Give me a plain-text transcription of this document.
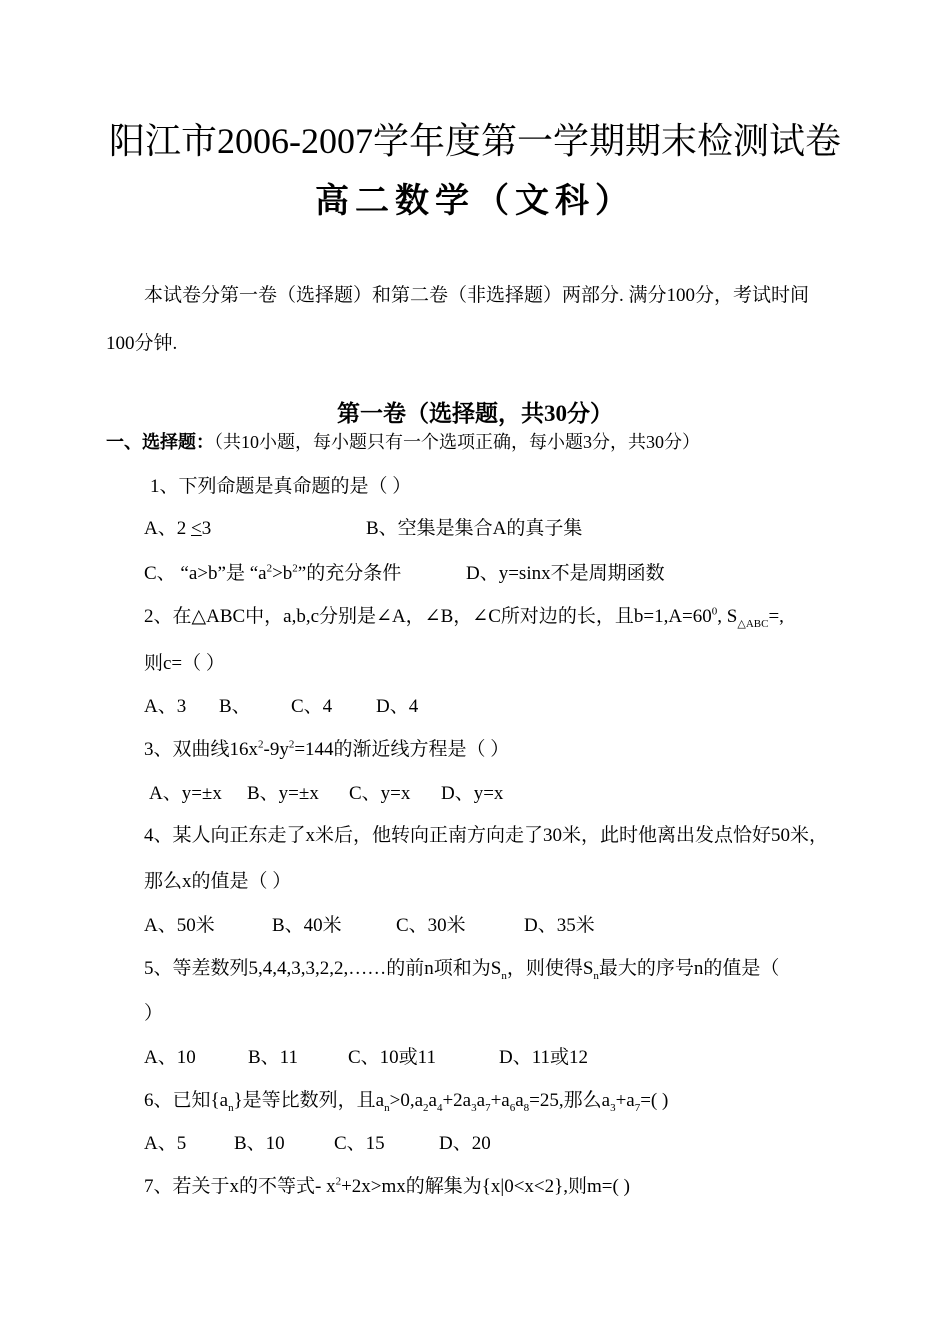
阳江市2006-2007学年度第一学期期末检测试卷
高二数学（文科）
本试卷分第一卷（选择题）和第二卷（非选择题）两部分. 满分100分，考试时间
100分钟.
第一卷（选择题，共30分）
一、选择题：（共10小题，每小题只有一个选项正确，每小题3分，共30分）
1、下列命题是真命题的是（ ）
A、2 <3	B、空集是集合A的真子集
C、 “a>b”是 “$a^2>b^2$”的充分条件	D、y=sinx不是周期函数
2、在△ABC中，a,b,c分别是∠A，∠B，∠C所对边的长，且$b=1,A=60^0$, $S_{\triangle ABC}=$,
则c=（ ）
A、3 B、 C、4 D、4
3、双曲线$16x^2-9y^2=144$的渐近线方程是（ ）
A、y=±x B、y=±x C、y=x D、y=x
4、某人向正东走了x米后，他转向正南方向走了30米，此时他离出发点恰好50米，
那么x的值是（ ）
A、50米	B、40米	C、30米	D、35米
5、等差数列5,4,4,3,3,2,2,……的前n项和为$S_n$，则使得$S_n$最大的序号n的值是（
）
A、10	B、11	C、10或11	D、11或12
6、已知$\{a_n\}$是等比数列，且$a_n>0,a_2a_4+2a_3a_7+a_6a_8=25$,那么$a_3+a_7=$( )
A、5	B、10	C、15	D、20
7、若关于x的不等式- $x^2+2x>mx$的解集为{x|0<x<2},则m=( )
